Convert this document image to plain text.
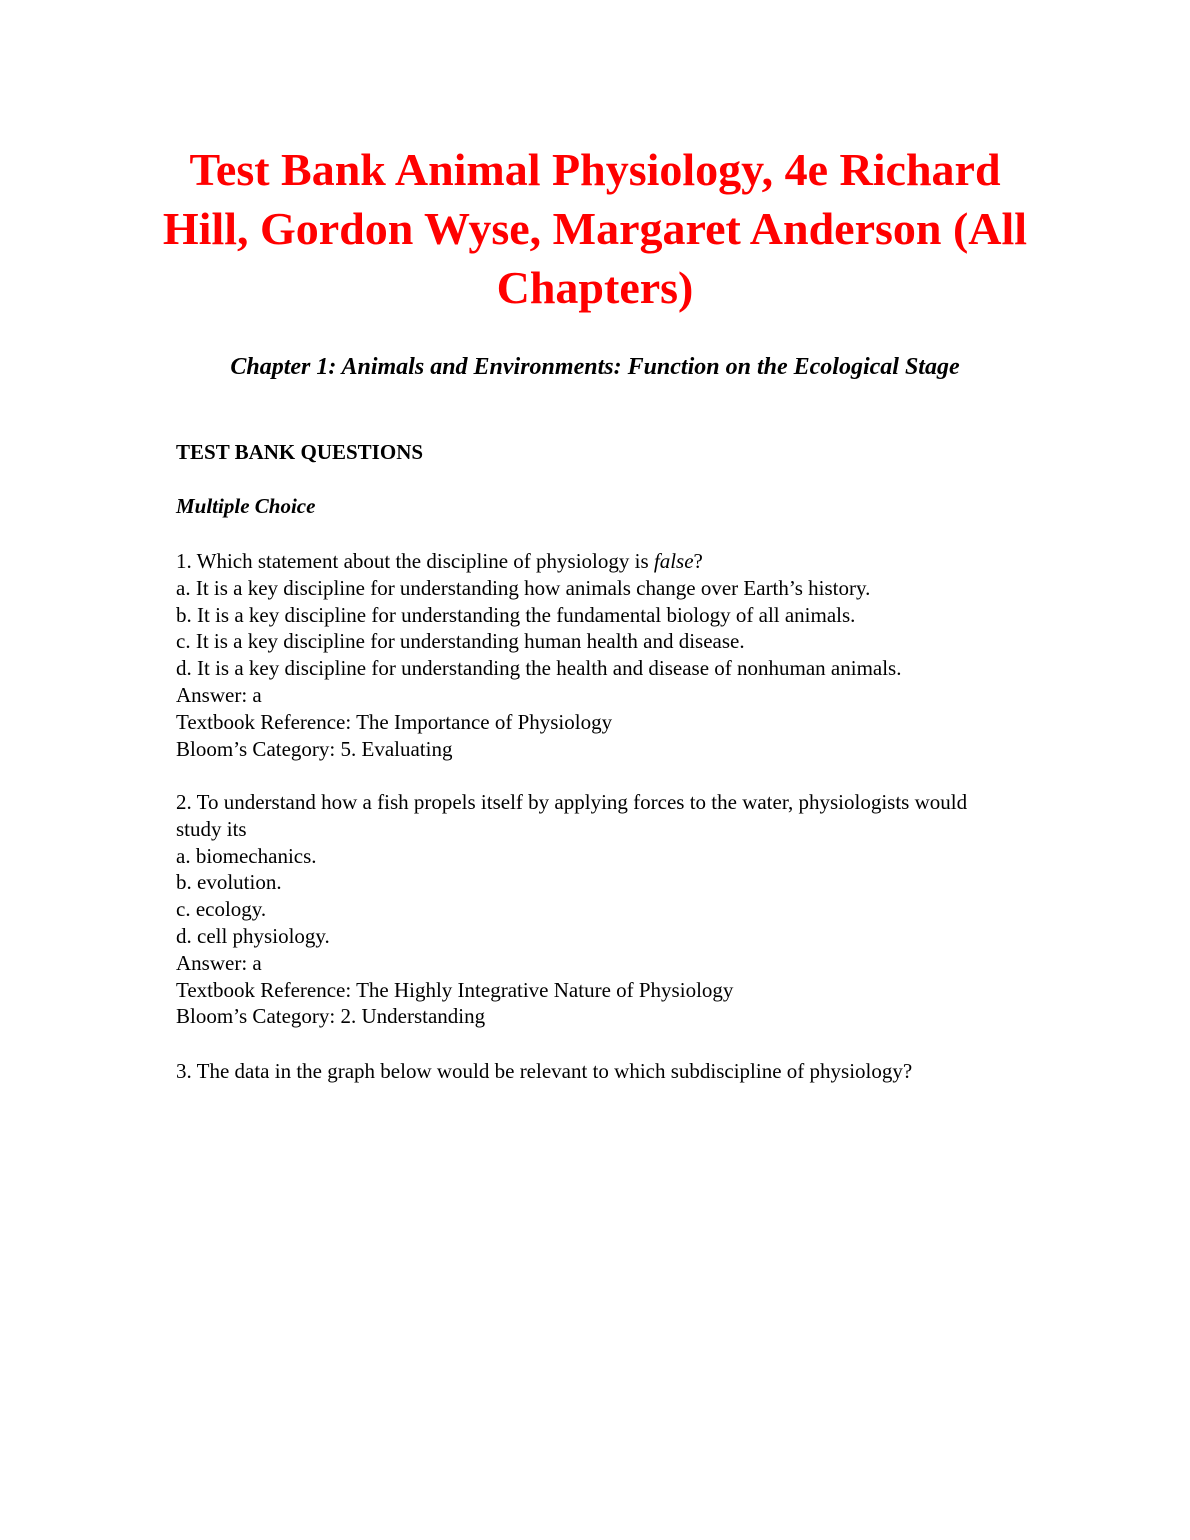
Test Bank Animal Physiology, 4e Richard Hill, Gordon Wyse, Margaret Anderson (All Chapters)
Chapter 1: Animals and Environments: Function on the Ecological Stage
TEST BANK QUESTIONS
Multiple Choice
1. Which statement about the discipline of physiology is false?
a. It is a key discipline for understanding how animals change over Earth’s history.
b. It is a key discipline for understanding the fundamental biology of all animals.
c. It is a key discipline for understanding human health and disease.
d. It is a key discipline for understanding the health and disease of nonhuman animals.
Answer: a
Textbook Reference: The Importance of Physiology
Bloom’s Category: 5. Evaluating
2. To understand how a fish propels itself by applying forces to the water, physiologists would study its
a. biomechanics.
b. evolution.
c. ecology.
d. cell physiology.
Answer: a
Textbook Reference: The Highly Integrative Nature of Physiology
Bloom’s Category: 2. Understanding
3. The data in the graph below would be relevant to which subdiscipline of physiology?
